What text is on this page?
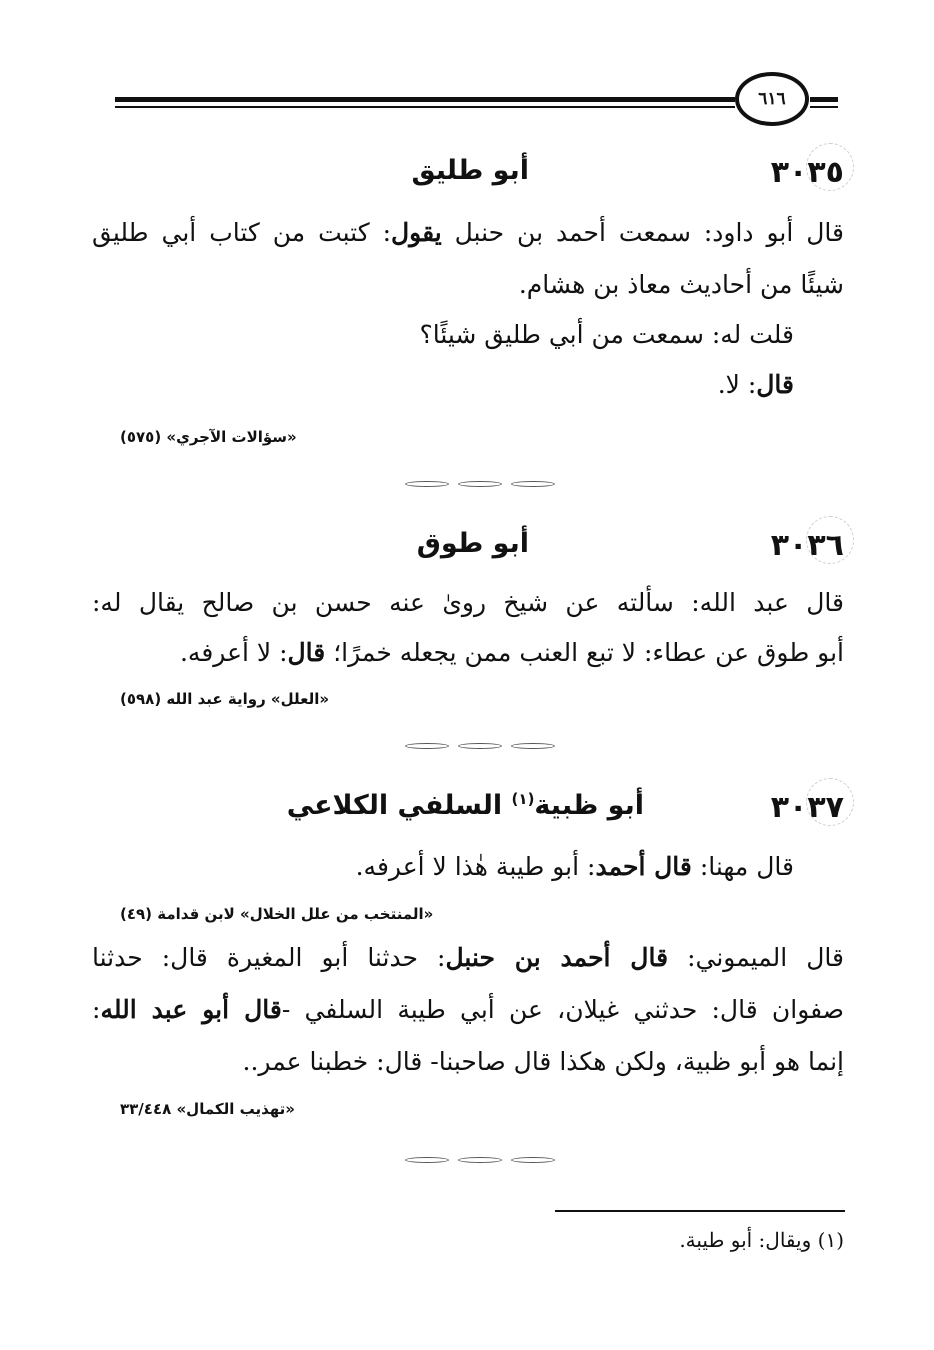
٦١٦
٣٠٣٥
أبو طليق
قال أبو داود: سمعت أحمد بن حنبل يقول: كتبت من كتاب أبي طليق
شيئًا من أحاديث معاذ بن هشام.
قلت له: سمعت من أبي طليق شيئًا؟
قال: لا.
«سؤالات الآجري» (٥٧٥)
٣٠٣٦
أبو طوق
قال عبد الله: سألته عن شيخ روىٰ عنه حسن بن صالح يقال له:
أبو طوق عن عطاء: لا تبع العنب ممن يجعله خمرًا؛ قال: لا أعرفه.
«العلل» رواية عبد الله (٥٩٨)
٣٠٣٧
أبو ظبية$^{(١)}$ السلفي الكلاعي
قال مهنا: قال أحمد: أبو طيبة هٰذا لا أعرفه.
«المنتخب من علل الخلال» لابن قدامة (٤٩)
قال الميموني: قال أحمد بن حنبل: حدثنا أبو المغيرة قال: حدثنا
صفوان قال: حدثني غيلان، عن أبي طيبة السلفي -قال أبو عبد الله:
إنما هو أبو ظبية، ولكن هكذا قال صاحبنا- قال: خطبنا عمر..
«تهذيب الكمال» ٣٣/٤٤٨
(١) ويقال: أبو طيبة.
